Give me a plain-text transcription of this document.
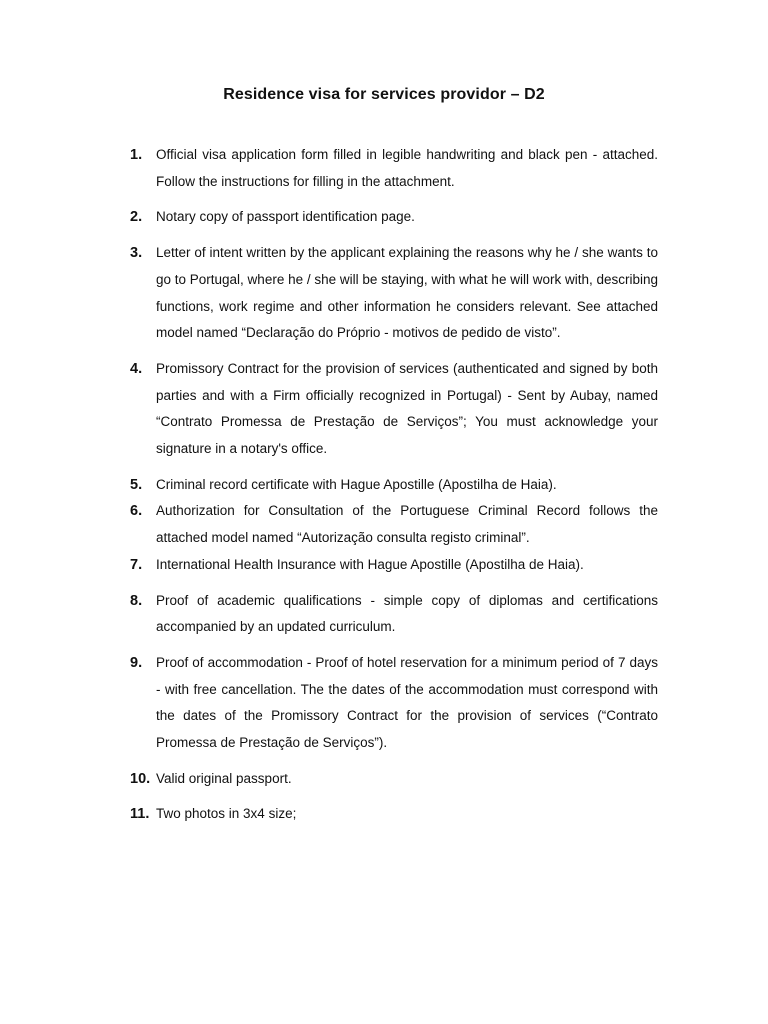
Residence visa for services providor – D2
1.	Official visa application form filled in legible handwriting and black pen - attached. Follow the instructions for filling in the attachment.

2.	Notary copy of passport identification page.

3.	Letter of intent written by the applicant explaining the reasons why he / she wants to go to Portugal, where he / she will be staying, with what he will work with, describing functions, work regime and other information he considers relevant. See attached model named “Declaração do Próprio - motivos de pedido de visto”.

4.	Promissory Contract for the provision of services (authenticated and signed by both parties and with a Firm officially recognized in Portugal) - Sent by Aubay, named “Contrato Promessa de Prestação de Serviços”; You must acknowledge your signature in a notary's office.

5.	Criminal record certificate with Hague Apostille (Apostilha de Haia).

6.	Authorization for Consultation of the Portuguese Criminal Record follows the attached model named “Autorização consulta registo criminal”.

7.	International Health Insurance with Hague Apostille (Apostilha de Haia).

8.	Proof of academic qualifications - simple copy of diplomas and certifications accompanied by an updated curriculum.

9.	Proof of accommodation - Proof of hotel reservation for a minimum period of 7 days - with free cancellation. The the dates of the accommodation must correspond with the dates of the Promissory Contract for the provision of services (“Contrato Promessa de Prestação de Serviços”).

10. Valid original passport.

11. Two photos in 3x4 size;
